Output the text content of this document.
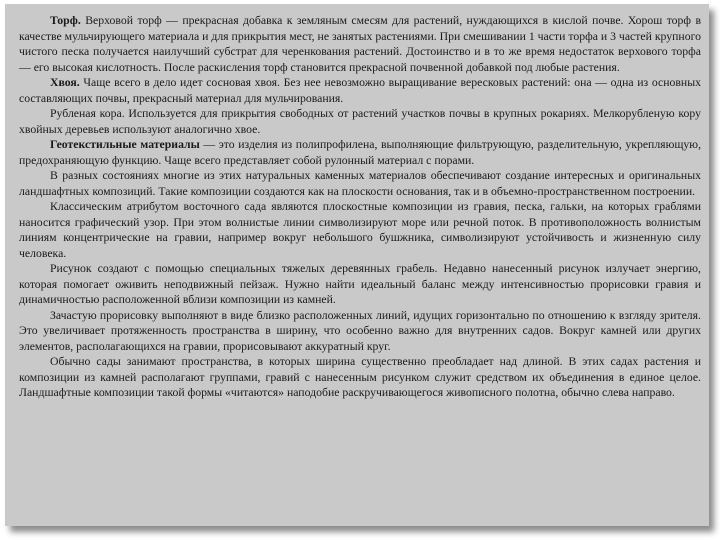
Торф. Верховой торф — прекрасная добавка к земляным смесям для растений, нуждающихся в кислой почве. Хорош торф в качестве мульчирующего материала и для прикрытия мест, не занятых растениями. При смешивании 1 части торфа и 3 частей крупного чистого песка получается наилучший субстрат для черенкования растений. Достоинство и в то же время недостаток верхового торфа — его высокая кислотность. После раскисления торф становится прекрасной почвенной добавкой под любые растения.

Хвоя. Чаще всего в дело идет сосновая хвоя. Без нее невозможно выращивание вересковых растений: она — одна из основных составляющих почвы, прекрасный материал для мульчирования.

Рубленая кора. Используется для прикрытия свободных от растений участков почвы в крупных рокариях. Мелкорубленую кору хвойных деревьев используют аналогично хвое.

Геотекстильные материалы — это изделия из полипрофилена, выполняющие фильтрующую, разделительную, укрепляющую, предохраняющую функцию. Чаще всего представляет собой рулонный материал с порами.

В разных состояниях многие из этих натуральных каменных материалов обеспечивают создание интересных и оригинальных ландшафтных композиций. Такие композиции создаются как на плоскости основания, так и в объемно-пространственном построении.

Классическим атрибутом восточного сада являются плоскостные композиции из гравия, песка, гальки, на которых граблями наносится графический узор. При этом волнистые линии символизируют море или речной поток. В противоположность волнистым линиям концентрические на гравии, например вокруг небольшого бушжника, символизируют устойчивость и жизненную силу человека.

Рисунок создают с помощью специальных тяжелых деревянных грабель. Недавно нанесенный рисунок излучает энергию, которая помогает оживить неподвижный пейзаж. Нужно найти идеальный баланс между интенсивностью прорисовки гравия и динамичностью расположенной вблизи композиции из камней.

Зачастую прорисовку выполняют в виде близко расположенных линий, идущих горизонтально по отношению к взгляду зрителя. Это увеличивает протяженность пространства в ширину, что особенно важно для внутренних садов. Вокруг камней или других элементов, располагающихся на гравии, прорисовывают аккуратный круг.

Обычно сады занимают пространства, в которых ширина существенно преобладает над длиной. В этих садах растения и композиции из камней располагают группами, гравий с нанесенным рисунком служит средством их объединения в единое целое. Ландшафтные композиции такой формы «читаются» наподобие раскручивающегося живописного полотна, обычно слева направо.
